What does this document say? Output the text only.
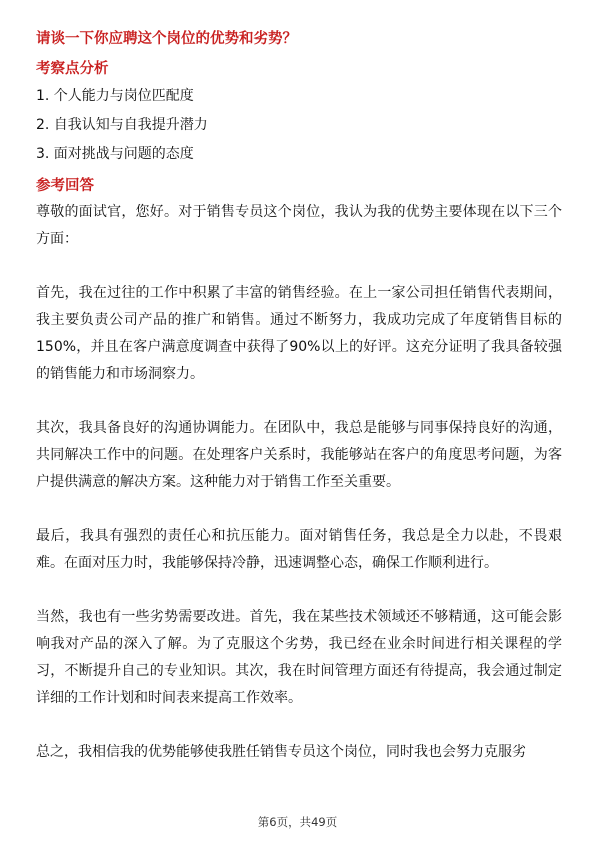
请谈一下你应聘这个岗位的优势和劣势？
考察点分析
1. 个人能力与岗位匹配度
2. 自我认知与自我提升潜力
3. 面对挑战与问题的态度
参考回答

尊敬的面试官，您好。对于销售专员这个岗位，我认为我的优势主要体现在以下三个方面：

首先，我在过往的工作中积累了丰富的销售经验。在上一家公司担任销售代表期间，我主要负责公司产品的推广和销售。通过不断努力，我成功完成了年度销售目标的150%，并且在客户满意度调查中获得了90%以上的好评。这充分证明了我具备较强的销售能力和市场洞察力。

其次，我具备良好的沟通协调能力。在团队中，我总是能够与同事保持良好的沟通，共同解决工作中的问题。在处理客户关系时，我能够站在客户的角度思考问题，为客户提供满意的解决方案。这种能力对于销售工作至关重要。

最后，我具有强烈的责任心和抗压能力。面对销售任务，我总是全力以赴，不畏艰难。在面对压力时，我能够保持冷静，迅速调整心态，确保工作顺利进行。

当然，我也有一些劣势需要改进。首先，我在某些技术领域还不够精通，这可能会影响我对产品的深入了解。为了克服这个劣势，我已经在业余时间进行相关课程的学习，不断提升自己的专业知识。其次，我在时间管理方面还有待提高，我会通过制定详细的工作计划和时间表来提高工作效率。

总之，我相信我的优势能够使我胜任销售专员这个岗位，同时我也会努力克服劣

第6页，共49页
